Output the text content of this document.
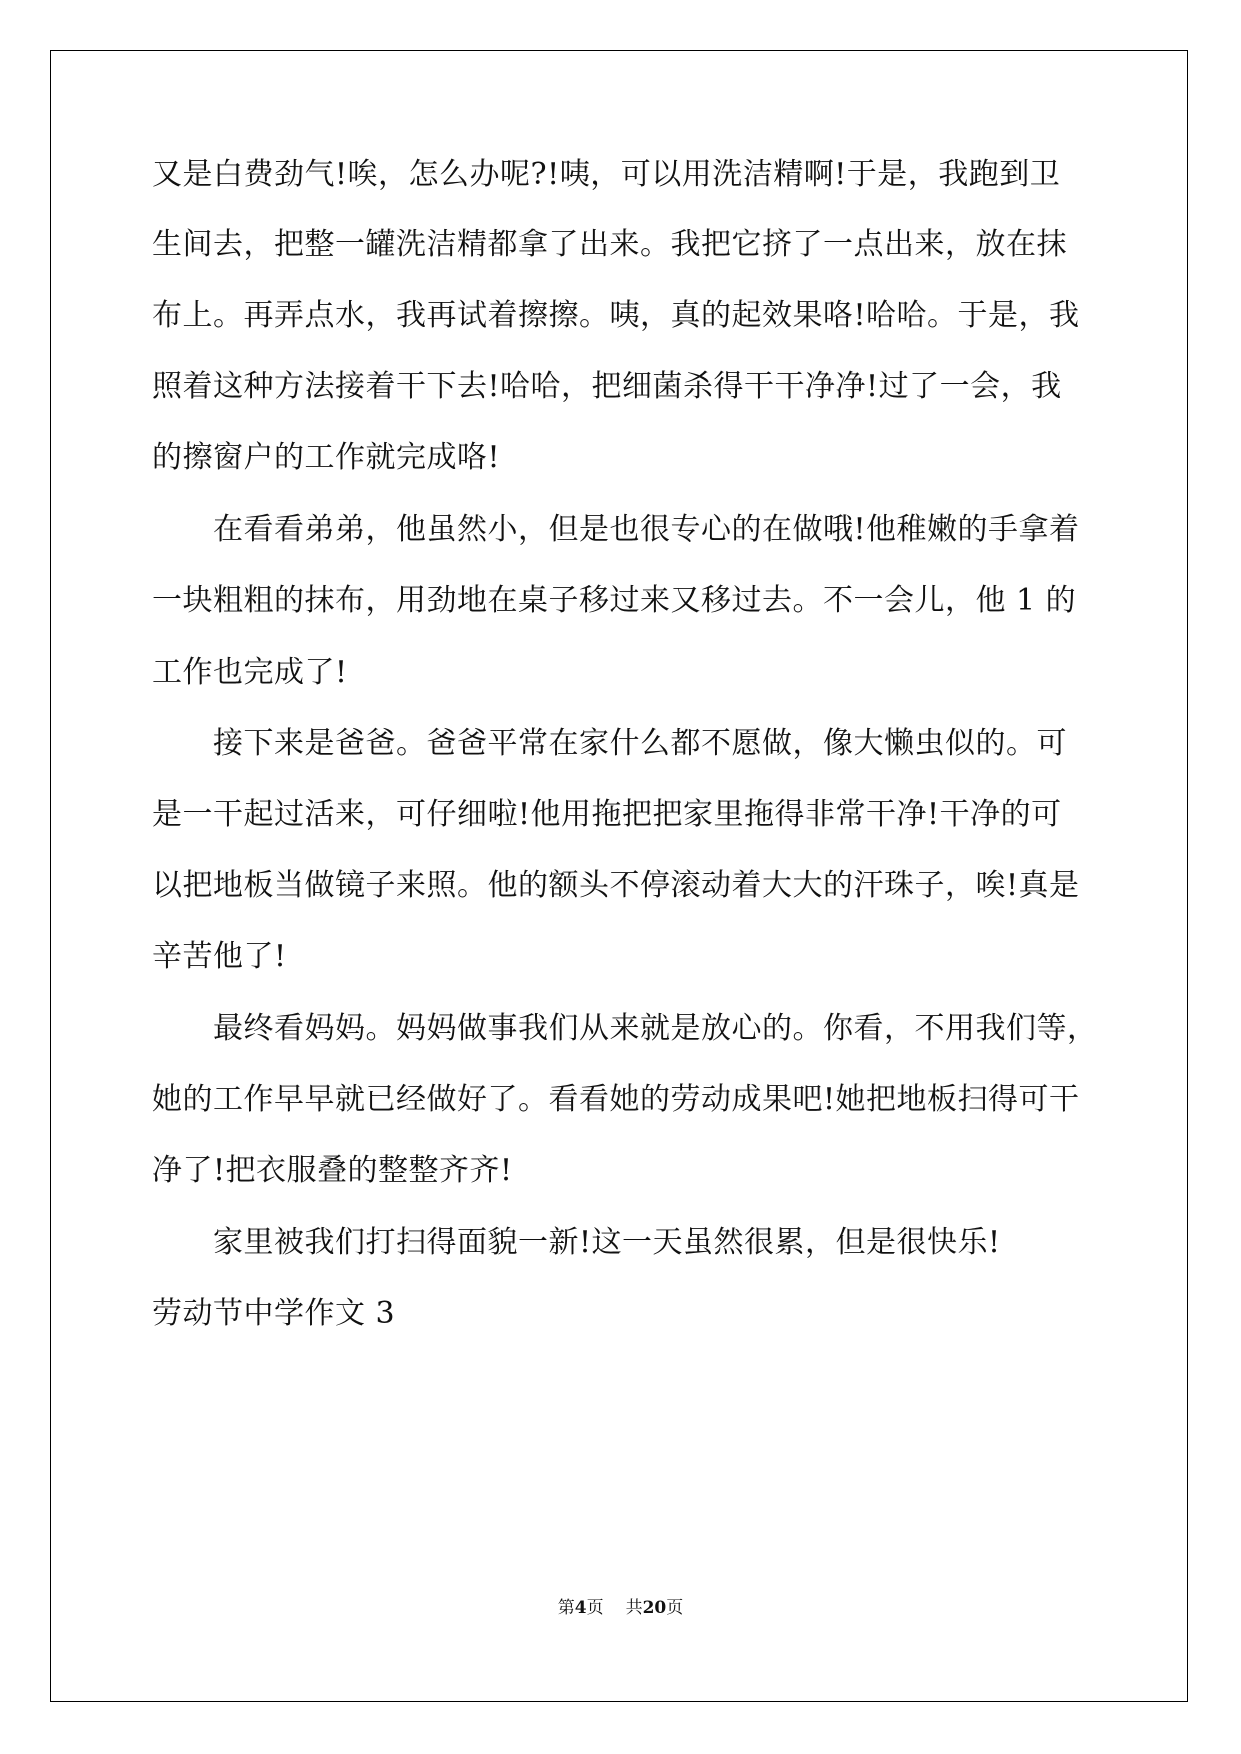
又是白费劲气!唉，怎么办呢?!咦，可以用洗洁精啊!于是，我跑到卫
生间去，把整一罐洗洁精都拿了出来。我把它挤了一点出来，放在抹
布上。再弄点水，我再试着擦擦。咦，真的起效果咯!哈哈。于是，我
照着这种方法接着干下去!哈哈，把细菌杀得干干净净!过了一会，我
的擦窗户的工作就完成咯!
在看看弟弟，他虽然小，但是也很专心的在做哦!他稚嫩的手拿着
一块粗粗的抹布，用劲地在桌子移过来又移过去。不一会儿，他 1 的
工作也完成了!
接下来是爸爸。爸爸平常在家什么都不愿做，像大懒虫似的。可
是一干起过活来，可仔细啦!他用拖把把家里拖得非常干净!干净的可
以把地板当做镜子来照。他的额头不停滚动着大大的汗珠子，唉!真是
辛苦他了!
最终看妈妈。妈妈做事我们从来就是放心的。你看，不用我们等，
她的工作早早就已经做好了。看看她的劳动成果吧!她把地板扫得可干
净了!把衣服叠的整整齐齐!
家里被我们打扫得面貌一新!这一天虽然很累，但是很快乐!
劳动节中学作文 3
第4页 共20页
